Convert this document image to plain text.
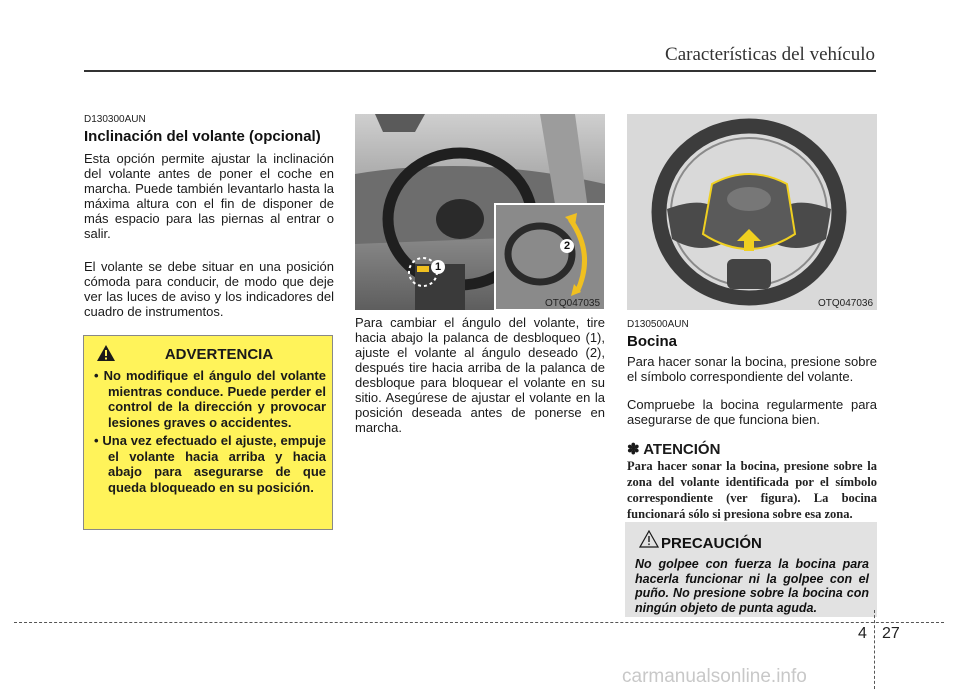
Características del vehículo
D130300AUN
Inclinación del volante (opcional)
Esta opción permite ajustar la inclinación del volante antes de poner el coche en marcha. Puede también levantarlo hasta la máxima altura con el fin de disponer de más espacio para las piernas al entrar o salir.
El volante se debe situar en una posición cómoda para conducir, de modo que deje ver las luces de aviso y los indicadores del cuadro de instrumentos.
ADVERTENCIA
• No modifique el ángulo del volante mientras conduce. Puede perder el control de la dirección y provocar lesiones graves o accidentes.
• Una vez efectuado el ajuste, empuje el volante hacia arriba y hacia abajo para asegurarse de que queda bloqueado en su posición.
1
2
OTQ047035
Para cambiar el ángulo del volante, tire hacia abajo la palanca de desbloqueo (1), ajuste el volante al ángulo deseado (2), después tire hacia arriba de la palanca de desbloque para bloquear el volante en su sitio. Asegúrese de ajustar el volante en la posición deseada antes de ponerse en marcha.
OTQ047036
D130500AUN
Bocina
Para hacer sonar la bocina, presione sobre el símbolo correspondiente del volante.
Compruebe la bocina regularmente para asegurarse de que funciona bien.
✽ ATENCIÓN
Para hacer sonar la bocina, presione sobre la zona del volante identificada por el símbolo correspondiente (ver figura). La bocina funcionará sólo si presiona sobre esa zona.
PRECAUCIÓN
No golpee con fuerza la bocina para hacerla funcionar ni la golpee con el puño. No presione sobre la bocina con ningún objeto de punta aguda.
4 27
carmanualsonline.info
